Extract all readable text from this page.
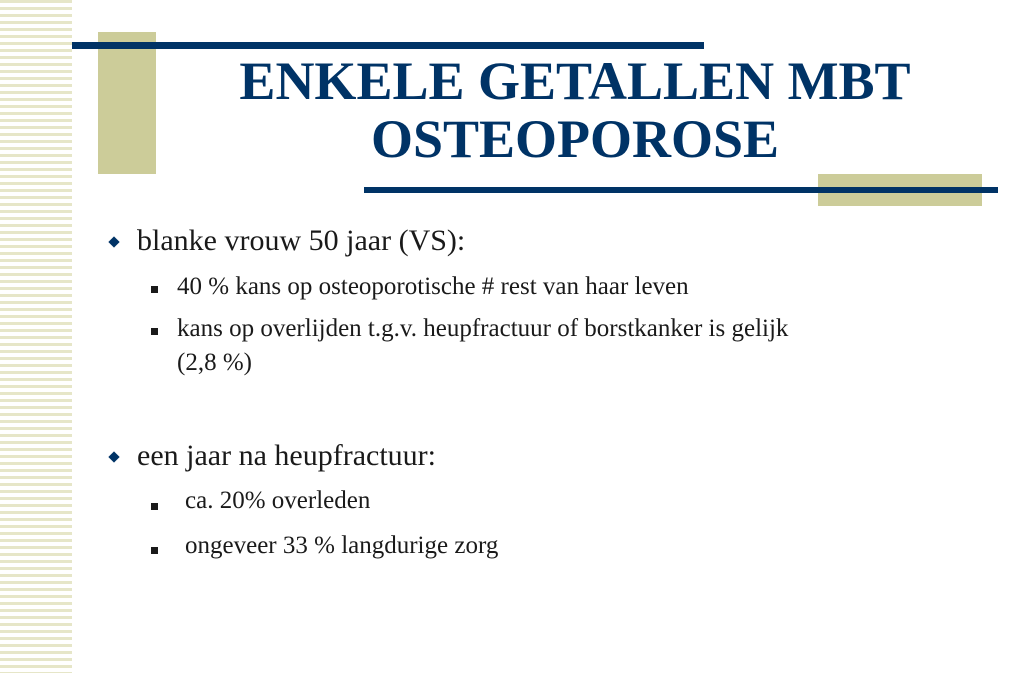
ENKELE GETALLEN MBT
OSTEOPOROSE
blanke vrouw 50 jaar (VS):
40 % kans op osteoporotische # rest van haar leven
kans op overlijden t.g.v. heupfractuur of borstkanker is gelijk
(2,8 %)
een jaar na heupfractuur:
ca. 20% overleden
ongeveer 33 % langdurige zorg
